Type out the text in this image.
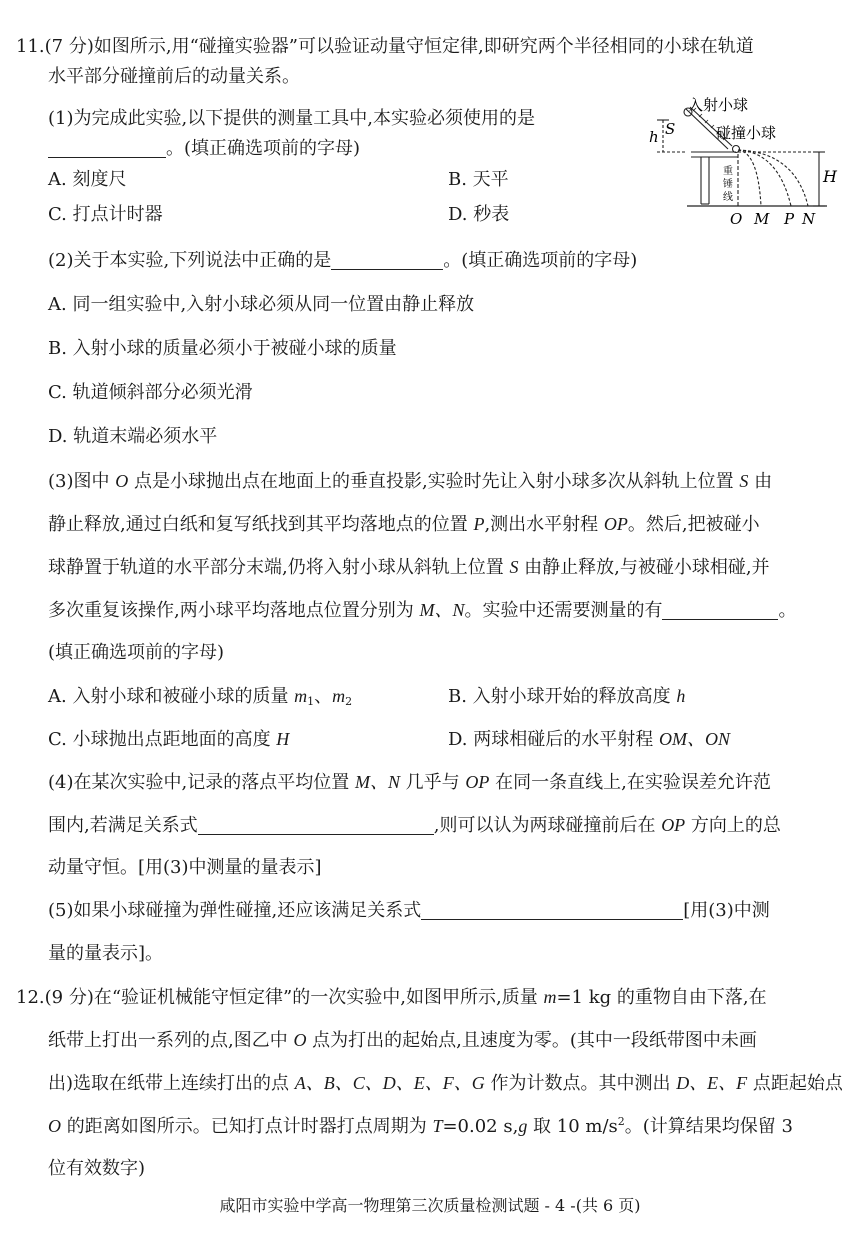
11.(7 分)如图所示,用“碰撞实验器”可以验证动量守恒定律,即研究两个半径相同的小球在轨道
水平部分碰撞前后的动量关系。
(1)为完成此实验,以下提供的测量工具中,本实验必须使用的是
。(填正确选项前的字母)
A. 刻度尺	B. 天平
C. 打点计时器	D. 秒表
入射小球
碰撞小球
h S
H
重
锤
线
O M P N
(2)关于本实验,下列说法中正确的是	。(填正确选项前的字母)
A. 同一组实验中,入射小球必须从同一位置由静止释放
B. 入射小球的质量必须小于被碰小球的质量
C. 轨道倾斜部分必须光滑
D. 轨道末端必须水平
(3)图中 O 点是小球抛出点在地面上的垂直投影,实验时先让入射小球多次从斜轨上位置 S 由
静止释放,通过白纸和复写纸找到其平均落地点的位置 P,测出水平射程 OP。然后,把被碰小
球静置于轨道的水平部分末端,仍将入射小球从斜轨上位置 S 由静止释放,与被碰小球相碰,并
多次重复该操作,两小球平均落地点位置分别为 M、N。实验中还需要测量的有	。
(填正确选项前的字母)
A. 入射小球和被碰小球的质量 $m_1$、$m_2$	B. 入射小球开始的释放高度 h
C. 小球抛出点距地面的高度 H	D. 两球相碰后的水平射程 OM、ON
(4)在某次实验中,记录的落点平均位置 M、N 几乎与 OP 在同一条直线上,在实验误差允许范
围内,若满足关系式	,则可以认为两球碰撞前后在 OP 方向上的总
动量守恒。[用(3)中测量的量表示]
(5)如果小球碰撞为弹性碰撞,还应该满足关系式	[用(3)中测
量的量表示]。
12.(9 分)在“验证机械能守恒定律”的一次实验中,如图甲所示,质量 m=1 kg 的重物自由下落,在
纸带上打出一系列的点,图乙中 O 点为打出的起始点,且速度为零。(其中一段纸带图中未画
出)选取在纸带上连续打出的点 A、B、C、D、E、F、G 作为计数点。其中测出 D、E、F 点距起始点
O 的距离如图所示。已知打点计时器打点周期为 T=0.02 s,g 取 10 $m/s^2$。(计算结果均保留 3
位有效数字)
咸阳市实验中学高一物理第三次质量检测试题 - 4 -(共 6 页)
